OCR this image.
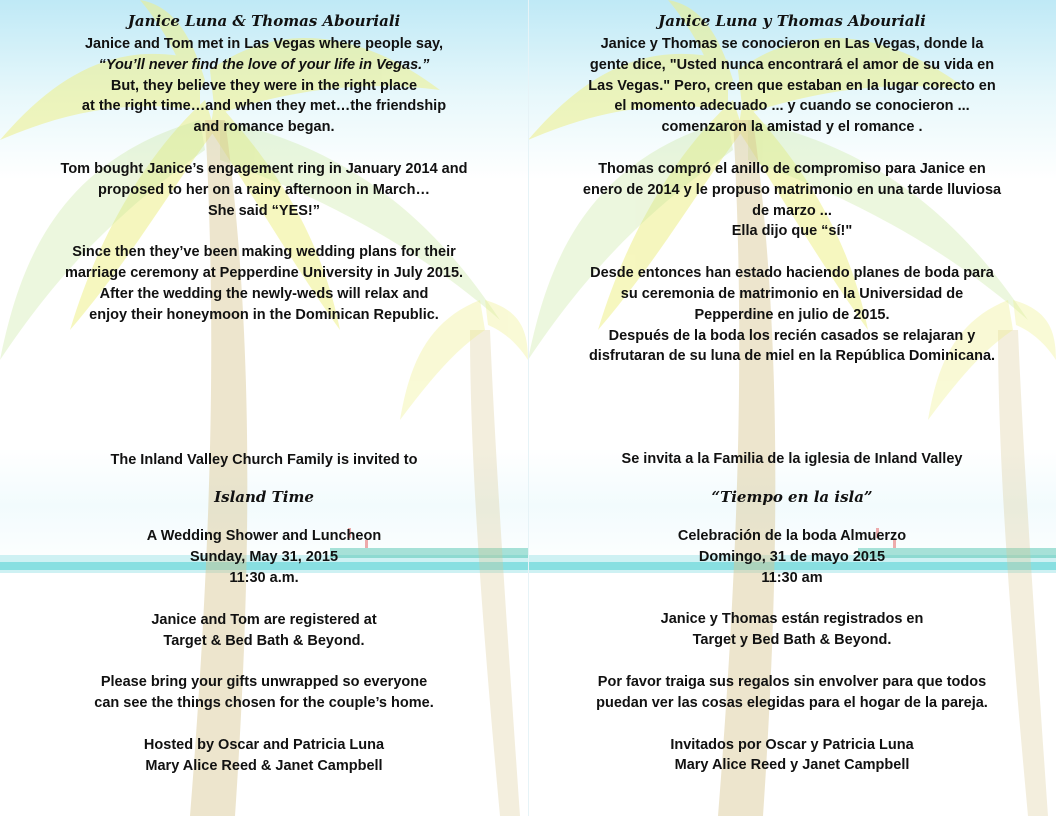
Janice Luna & Thomas Abouriali

Janice and Tom met in Las Vegas where people say,

“You’ll never find the love of your life in Vegas.”

But, they believe they were in the right place

at the right time…and when they met…the friendship

and romance began.

Tom bought Janice’s engagement ring in January 2014 and

proposed to her on a rainy afternoon in March…

She said “YES!”

Since then they’ve been making wedding plans for their

marriage ceremony at Pepperdine University in July 2015.

After the wedding the newly-weds will relax and

enjoy their honeymoon in the Dominican Republic.

The Inland Valley Church Family is invited to

Island Time

A Wedding Shower and Luncheon

Sunday, May 31, 2015

11:30 a.m.

Janice and Tom are registered at

Target & Bed Bath & Beyond.

Please bring your gifts unwrapped so everyone

can see the things chosen for the couple’s home.

Hosted by Oscar and Patricia Luna

Mary Alice Reed & Janet Campbell

Janice Luna y Thomas Abouriali

Janice y Thomas se conocieron en Las Vegas, donde la

gente dice, "Usted nunca encontrará el amor de su vida en

Las Vegas." Pero, creen que estaban en la lugar corecto en

el momento adecuado ... y cuando se conocieron ...

comenzaron la amistad y el romance .

Thomas compró el anillo de compromiso para Janice en

enero de 2014 y le propuso matrimonio en una tarde lluviosa

de marzo ...

Ella dijo que “sí!"

Desde entonces han estado haciendo planes de boda para

su ceremonia de matrimonio en la Universidad de

Pepperdine en julio de 2015.

Después de la boda los recién casados se relajaran y

disfrutaran de su luna de miel en la República Dominicana.

Se invita a la Familia de la iglesia de Inland Valley

“Tiempo en la isla”

Celebración de la boda Almuerzo

Domingo, 31 de mayo 2015

11:30 am

Janice y Thomas están registrados en

Target y Bed Bath & Beyond.

Por favor traiga sus regalos sin envolver para que todos

puedan ver las cosas elegidas para el hogar de la pareja.

Invitados por Oscar y Patricia Luna

Mary Alice Reed y Janet Campbell
